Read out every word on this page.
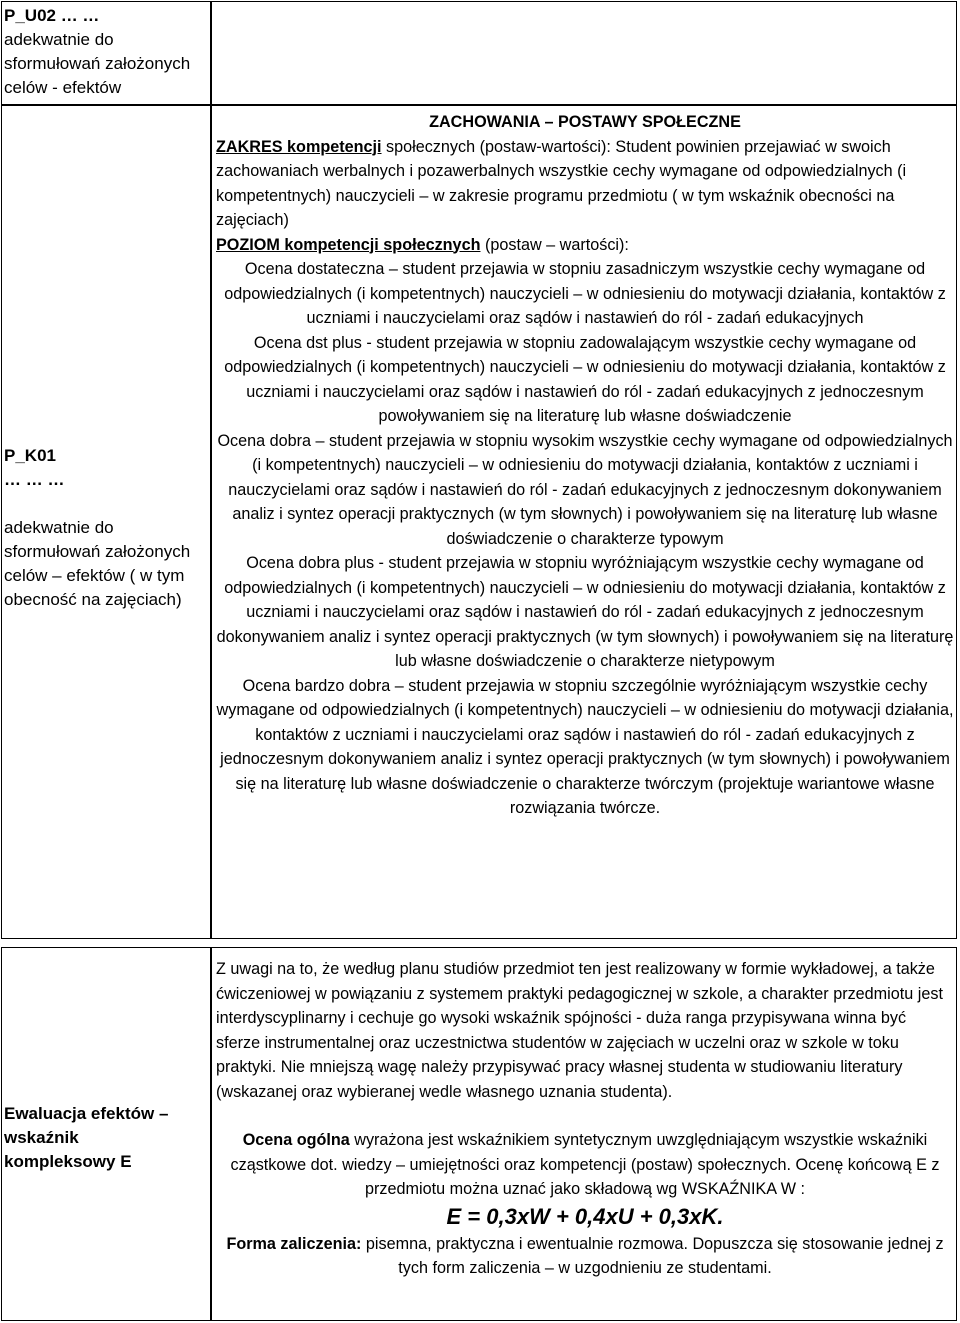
P_U02 … …
adekwatnie do
sformułowań założonych
celów - efektów
P_K01
… … …
adekwatnie do
sformułowań założonych
celów – efektów ( w tym
obecność na zajęciach)
Ewaluacja efektów –
wskaźnik
kompleksowy E

ZACHOWANIA – POSTAWY SPOŁECZNE

ZAKRES kompetencji społecznych (postaw-wartości): Student powinien przejawiać w swoich zachowaniach werbalnych i pozawerbalnych wszystkie cechy wymagane od odpowiedzialnych (i kompetentnych) nauczycieli – w zakresie programu przedmiotu ( w tym wskaźnik obecności na zajęciach)

POZIOM kompetencji społecznych (postaw – wartości):

Ocena dostateczna – student przejawia w stopniu zasadniczym wszystkie cechy wymagane od odpowiedzialnych (i kompetentnych) nauczycieli – w odniesieniu do motywacji działania, kontaktów z uczniami i nauczycielami oraz sądów i nastawień do ról - zadań edukacyjnych

Ocena dst plus - student przejawia w stopniu zadowalającym wszystkie cechy wymagane od odpowiedzialnych (i kompetentnych) nauczycieli – w odniesieniu do motywacji działania, kontaktów z uczniami i nauczycielami oraz sądów i nastawień do ról - zadań edukacyjnych z jednoczesnym powoływaniem się na literaturę lub własne doświadczenie

Ocena dobra – student przejawia w stopniu wysokim wszystkie cechy wymagane od odpowiedzialnych (i kompetentnych) nauczycieli – w odniesieniu do motywacji działania, kontaktów z uczniami i nauczycielami oraz sądów i nastawień do ról - zadań edukacyjnych z jednoczesnym dokonywaniem analiz i syntez operacji praktycznych (w tym słownych) i powoływaniem się na literaturę lub własne doświadczenie o charakterze typowym

Ocena dobra plus - student przejawia w stopniu wyróżniającym wszystkie cechy wymagane od odpowiedzialnych (i kompetentnych) nauczycieli – w odniesieniu do motywacji działania, kontaktów z uczniami i nauczycielami oraz sądów i nastawień do ról - zadań edukacyjnych z jednoczesnym dokonywaniem analiz i syntez operacji praktycznych (w tym słownych) i powoływaniem się na literaturę lub własne doświadczenie o charakterze nietypowym

Ocena bardzo dobra – student przejawia w stopniu szczególnie wyróżniającym wszystkie cechy wymagane od odpowiedzialnych (i kompetentnych) nauczycieli – w odniesieniu do motywacji działania, kontaktów z uczniami i nauczycielami oraz sądów i nastawień do ról - zadań edukacyjnych z jednoczesnym dokonywaniem analiz i syntez operacji praktycznych (w tym słownych) i powoływaniem się na literaturę lub własne doświadczenie o charakterze twórczym (projektuje wariantowe własne rozwiązania twórcze.

Z uwagi na to, że według planu studiów przedmiot ten jest realizowany w formie wykładowej, a także ćwiczeniowej w powiązaniu z systemem praktyki pedagogicznej w szkole, a charakter przedmiotu jest interdyscyplinarny i cechuje go wysoki wskaźnik spójności - duża ranga przypisywana winna być sferze instrumentalnej oraz uczestnictwa studentów w zajęciach w uczelni oraz w szkole w toku praktyki. Nie mniejszą wagę należy przypisywać pracy własnej studenta w studiowaniu literatury (wskazanej oraz wybieranej wedle własnego uznania studenta).

Ocena ogólna wyrażona jest wskaźnikiem syntetycznym uwzględniającym wszystkie wskaźniki cząstkowe dot. wiedzy – umiejętności oraz kompetencji (postaw) społecznych. Ocenę końcową E z przedmiotu można uznać jako składową wg WSKAŹNIKA W :

E = 0,3xW + 0,4xU + 0,3xK.

Forma zaliczenia: pisemna, praktyczna i ewentualnie rozmowa. Dopuszcza się stosowanie jednej z tych form zaliczenia – w uzgodnieniu ze studentami.
